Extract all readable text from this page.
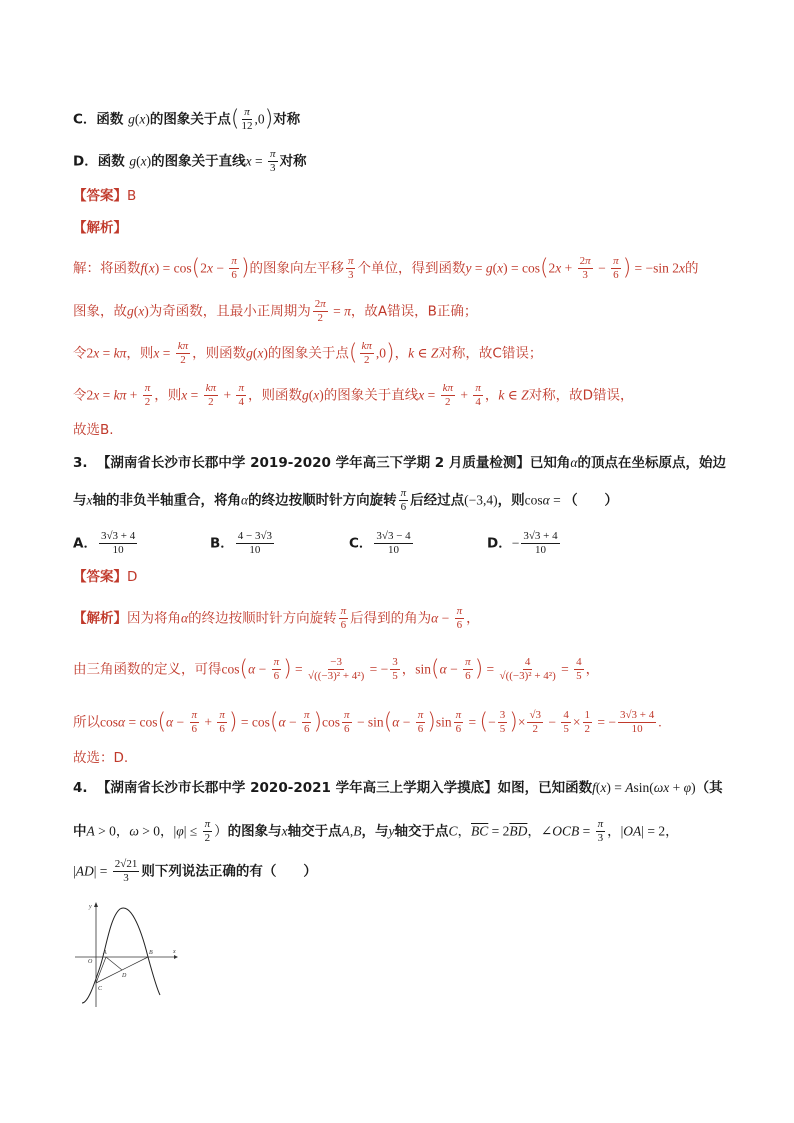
C．函数 g(x)的图象关于点( $\frac{\pi}{12} ,0$)对称
D．函数 g(x)的图象关于直线$x = \frac{\pi}{3}$ 对称
【答案】B
【解析】
解：将函数$f(x) = \cos(2x - \frac{\pi}{6}$ )的图象向左平移 $\frac{\pi}{3}$ 个单位，得到函数$y = g(x) = \cos(2x + \frac{2\pi}{3} - \frac{\pi}{6}$ ) = −sin 2x的
图象，故g(x)为奇函数，且最小正周期为 $\frac{2\pi}{2} = \pi$，故A错误，B正确；
令2x = kπ，则$x = \frac{k\pi}{2}$ ，则函数g(x)的图象关于点( $\frac{k\pi}{2} ,0$)，k ∈ Z对称，故C错误；
令$2x = k\pi + \frac{\pi}{2}$ ，则$x = \frac{k\pi}{2} + \frac{\pi}{4}$ ，则函数g(x)的图象关于直线$x = \frac{k\pi}{2} + \frac{\pi}{4}$ ，k ∈ Z对称，故D错误，
故选B.
3. 【湖南省长沙市长郡中学 2019-2020 学年高三下学期 2 月质量检测】已知角α的顶点在坐标原点，始边
与x轴的非负半轴重合，将角α的终边按顺时针方向旋转 $\frac{\pi}{6}$ 后经过点(−3,4)，则cosα = （　　）
A． $\frac{3√3 + 4}{10}$	B． $\frac{4 - 3√3}{10}$	C． $\frac{3√3 - 4}{10}$	D．− $\frac{3√3 + 4}{10}$
【答案】D
【解析】因为将角α的终边按顺时针方向旋转 $\frac{\pi}{6}$ 后得到的角为$\alpha - \frac{\pi}{6}$ ，
由三角函数的定义，可得$\cos(\alpha - \frac{\pi}{6}$ ) = $\frac{-3}{\text{√((−3)² + 4²)}}$ = − $\frac{3}{5}$ ，$\sin(\alpha - \frac{\pi}{6}$ ) = $\frac{4}{\text{√((−3)² + 4²)}} = \frac{4}{5}$ ，
所以$\cos\alpha = \cos(\alpha - \frac{\pi}{6} + \frac{\pi}{6}$ ) = $\cos(\alpha - \frac{\pi}{6} )\cos \frac{\pi}{6} - \sin(\alpha - \frac{\pi}{6} )\sin \frac{\pi}{6}$ = (− $\frac{3}{5}$ )× $\frac{√3}{2} - \frac{4}{5} \times \frac{1}{2}$ = − $\frac{3√3 + 4}{10}$ .
故选：D.
4. 【湖南省长沙市长郡中学 2020-2021 学年高三上学期入学摸底】如图，已知函数f(x) = Asin(ωx + φ)（其
中A > 0，ω > 0，$|\varphi| \le \frac{\pi}{2}$ ）的图象与x轴交于点A,B，与y轴交于点C，$\overline{BC} = 2\overline{BD}$，∠OCB = $\frac{\pi}{3}$ ，|OA| = 2，
$|AD| = \frac{2√21}{3}$ 则下列说法正确的有（　　）
y
x
O
A	B
C
D
